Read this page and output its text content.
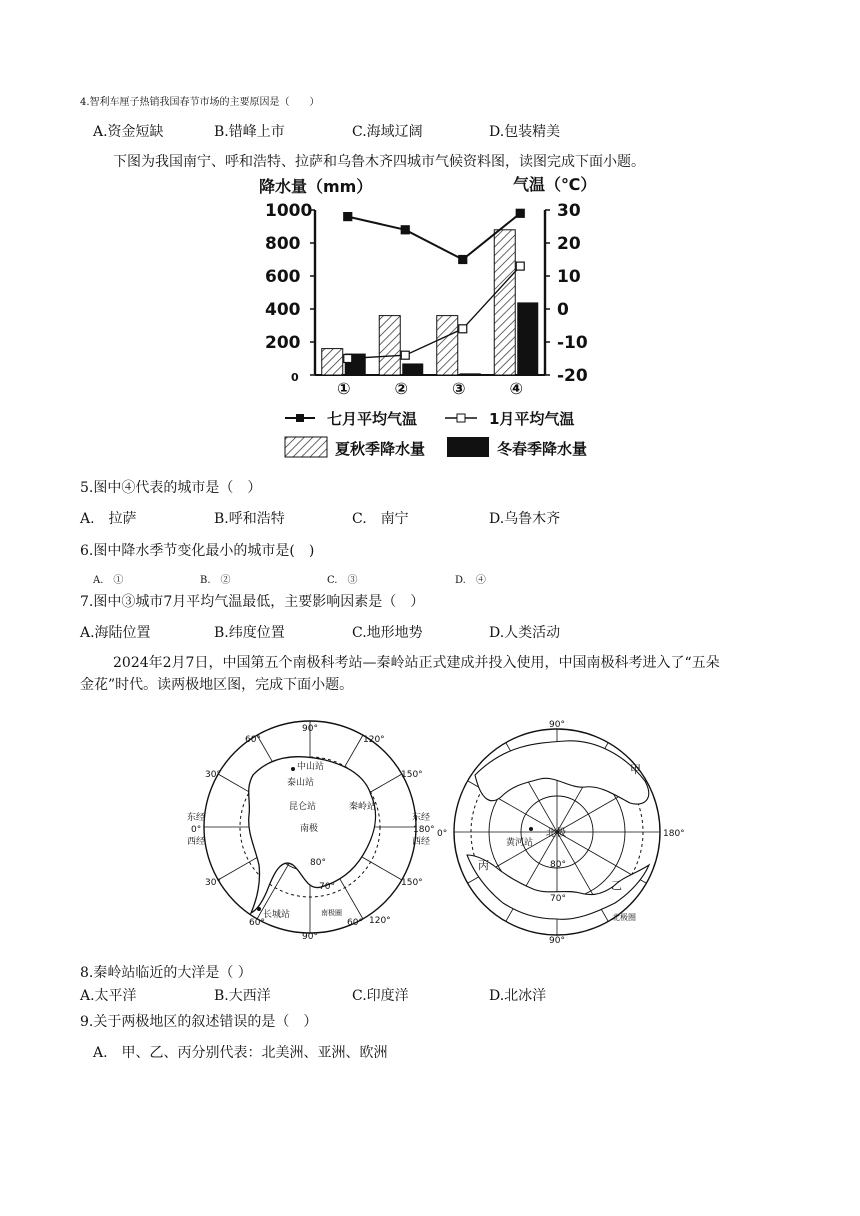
4.智利车厘子热销我国春节市场的主要原因是（　　）
A.资金短缺	B.错峰上市	C.海域辽阔	D.包装精美
下图为我国南宁、呼和浩特、拉萨和乌鲁木齐四城市气候资料图，读图完成下面小题。
降水量（mm）	气温（℃）
1000
800
600
400
200
0
30
20
10
0
-10
-20
①	②	③	④
七月平均气温	1月平均气温
夏秋季降水量	冬春季降水量
5.图中④代表的城市是（　）
A.　拉萨	B.呼和浩特	C.　南宁	D.乌鲁木齐
6.图中降水季节变化最小的城市是(　)
A.　①	B.　②	C.　③	D.　④
7.图中③城市7月平均气温最低，主要影响因素是（　）
A.海陆位置	B.纬度位置	C.地形地势	D.人类活动
2024年2月7日，中国第五个南极科考站—秦岭站正式建成并投入使用，中国南极科考进入了“五朵
金花”时代。读两极地区图，完成下面小题。
90°
60°	120°
30°	150°
东经
0°
西经
东经
180°
西经
30°	150°
60°
90°
60° 120°
中山站
泰山站
昆仑站	秦岭站
南极
80°
70°
长城站	南极圈
90°
0°	180°
90°
北极
黄河站
80°
70°
北极圈
甲
乙
丙
8.秦岭站临近的大洋是（ ）
A.太平洋	B.大西洋	C.印度洋	D.北冰洋
9.关于两极地区的叙述错误的是（　）
A.　甲、乙、丙分别代表：北美洲、亚洲、欧洲
